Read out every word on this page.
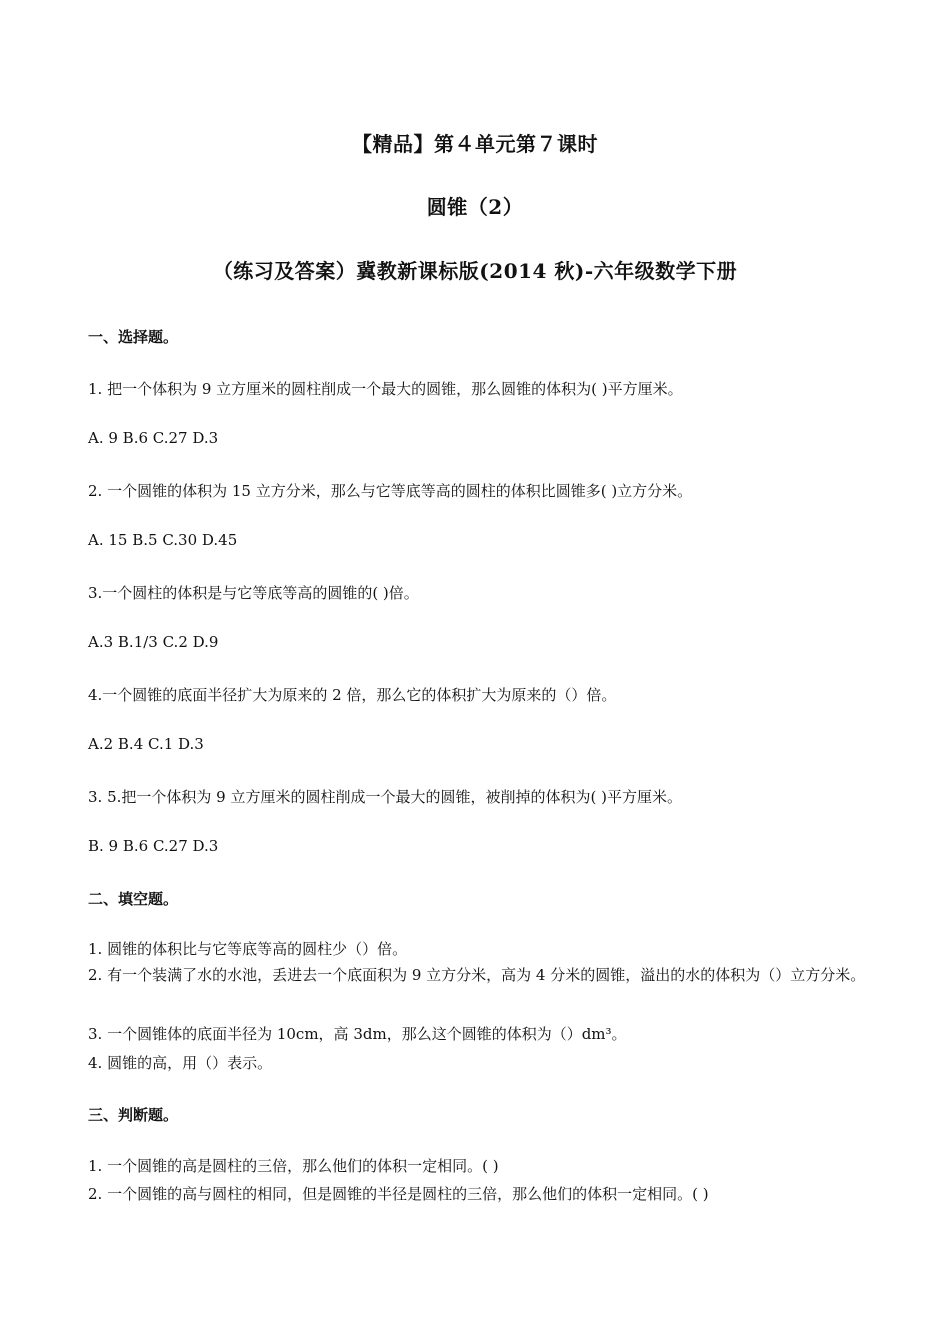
【精品】第４单元第７课时
圆锥（2）
（练习及答案）冀教新课标版(2014 秋)-六年级数学下册
一、选择题。
1. 把一个体积为 9 立方厘米的圆柱削成一个最大的圆锥，那么圆锥的体积为( )平方厘米。
A. 9 B.6 C.27 D.3
2. 一个圆锥的体积为 15 立方分米，那么与它等底等高的圆柱的体积比圆锥多( )立方分米。
A. 15 B.5 C.30 D.45
3.一个圆柱的体积是与它等底等高的圆锥的( )倍。
A.3 B.1/3 C.2 D.9
4.一个圆锥的底面半径扩大为原来的 2 倍，那么它的体积扩大为原来的（）倍。
A.2 B.4 C.1 D.3
3. 5.把一个体积为 9 立方厘米的圆柱削成一个最大的圆锥，被削掉的体积为( )平方厘米。
B. 9 B.6 C.27 D.3
二、填空题。
1. 圆锥的体积比与它等底等高的圆柱少（）倍。
2. 有一个装满了水的水池，丢进去一个底面积为 9 立方分米，高为 4 分米的圆锥，溢出的水的体积为（）立方分米。
3. 一个圆锥体的底面半径为 10cm，高 3dm，那么这个圆锥的体积为（）dm³。
4. 圆锥的高，用（）表示。
三、判断题。
1. 一个圆锥的高是圆柱的三倍，那么他们的体积一定相同。( )
2. 一个圆锥的高与圆柱的相同，但是圆锥的半径是圆柱的三倍，那么他们的体积一定相同。( )
